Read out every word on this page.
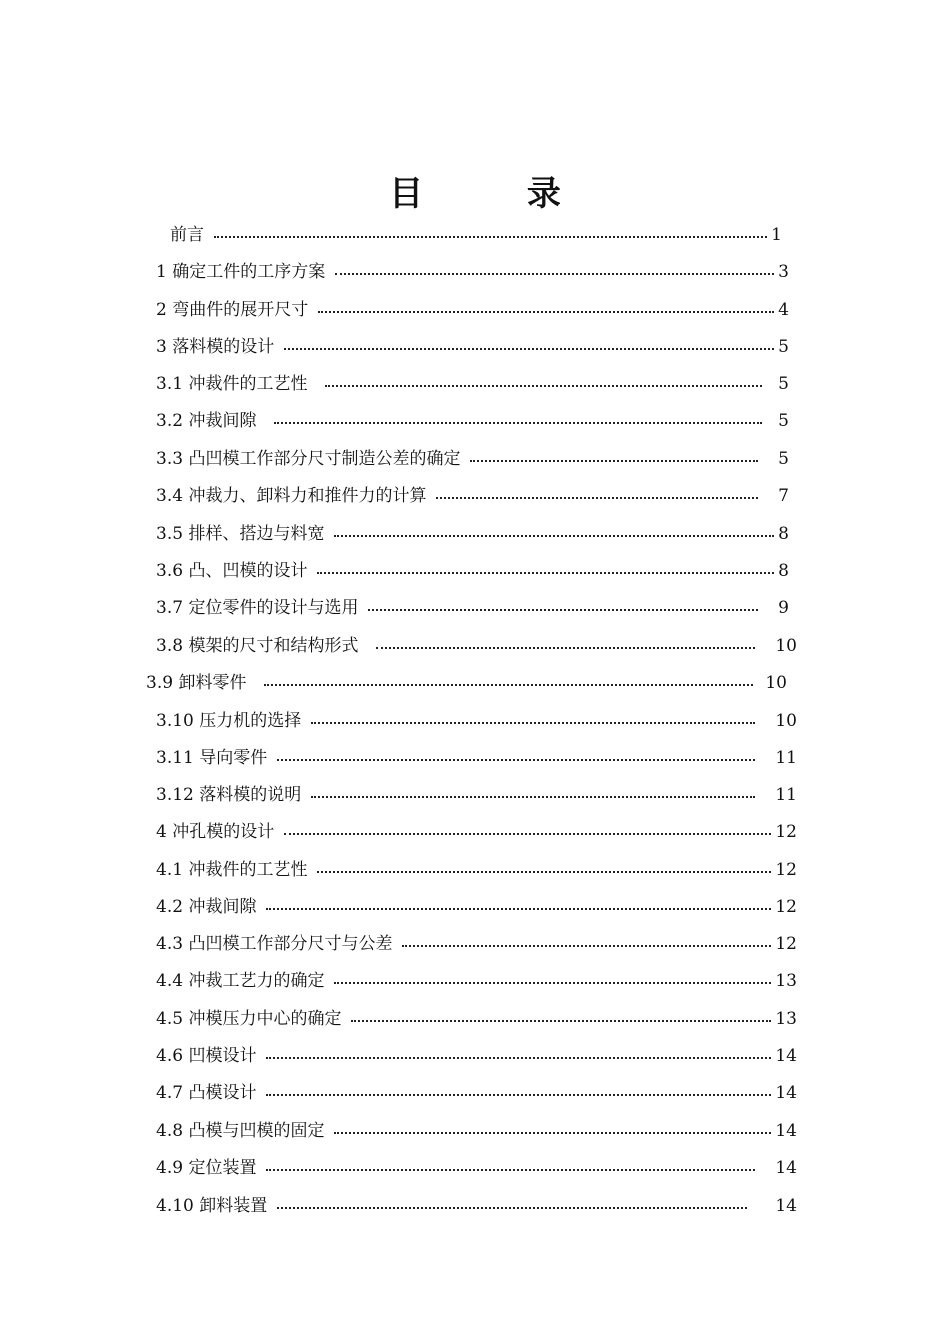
目 录
前言	1
1 确定工件的工序方案	3
2 弯曲件的展开尺寸	4
3 落料模的设计	5
3.1 冲裁件的工艺性	5
3.2 冲裁间隙	5
3.3 凸凹模工作部分尺寸制造公差的确定	5
3.4 冲裁力、卸料力和推件力的计算	7
3.5 排样、搭边与料宽	8
3.6 凸、凹模的设计	8
3.7 定位零件的设计与选用	9
3.8 模架的尺寸和结构形式	10
3.9 卸料零件	10
3.10 压力机的选择	10
3.11 导向零件	11
3.12 落料模的说明	11
4 冲孔模的设计	12
4.1 冲裁件的工艺性	12
4.2 冲裁间隙	12
4.3 凸凹模工作部分尺寸与公差	12
4.4 冲裁工艺力的确定	13
4.5 冲模压力中心的确定	13
4.6 凹模设计	14
4.7 凸模设计	14
4.8 凸模与凹模的固定	14
4.9 定位装置	14
4.10 卸料装置	14
